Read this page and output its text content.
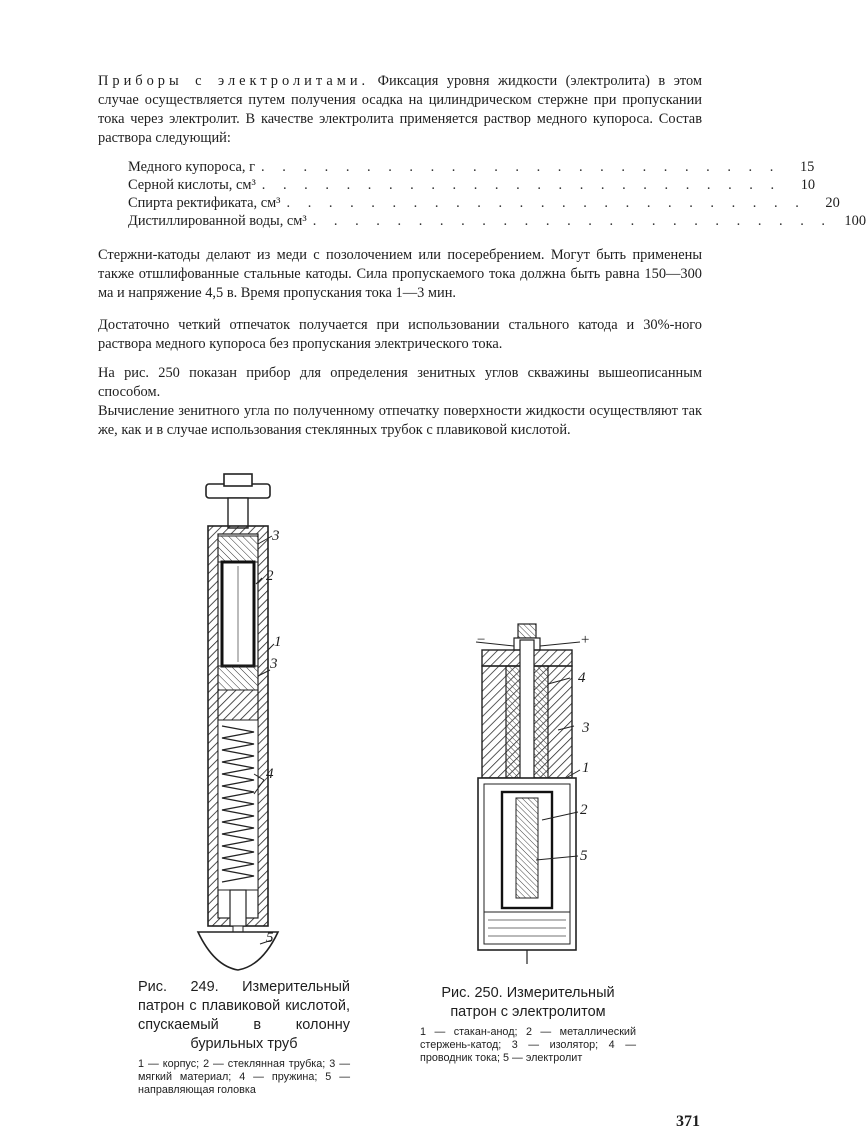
Приборы с электролитами. Фиксация уровня жидкости (электролита) в этом случае осуществляется путем получения осадка на цилиндрическом стержне при пропускании тока через электролит. В качестве электролита применяется раствор медного купороса. Состав раствора следующий:

Медного купороса, г . . . . . . . . . . . . . . . . . . . . . . . . .	15
Серной кислоты, см³ . . . . . . . . . . . . . . . . . . . . . . . . .	10
Спирта ректификата, см³ . . . . . . . . . . . . . . . . . . . . . . . . .	20
Дистиллированной воды, см³ . . . . . . . . . . . . . . . . . . . . . . . . . 100

Стержни-катоды делают из меди с позолочением или посеребрением. Могут быть применены также отшлифованные стальные катоды. Сила пропускаемого тока должна быть равна 150—300 ма и напряжение 4,5 в. Время пропускания тока 1—3 мин.

Достаточно четкий отпечаток получается при использовании стального катода и 30%-ного раствора медного купороса без пропускания электрического тока.

На рис. 250 показан прибор для определения зенитных углов скважины вышеописанным способом.

Вычисление зенитного угла по полученному отпечатку поверхности жидкости осуществляют так же, как и в случае использования стеклянных трубок с плавиковой кислотой.

3
2
1
3
4
5
−	+
4
3
1
2
5
Рис. 249. Измерительный патрон с плавиковой кислотой, спускаемый в колонну бурильных труб
1 — корпус; 2 — стеклянная трубка; 3 — мягкий материал; 4 — пружина; 5 — направляющая головка
Рис. 250. Измерительный патрон с электролитом
1 — стакан-анод; 2 — металлический стержень-катод; 3 — изолятор; 4 — проводник тока; 5 — электролит
371
